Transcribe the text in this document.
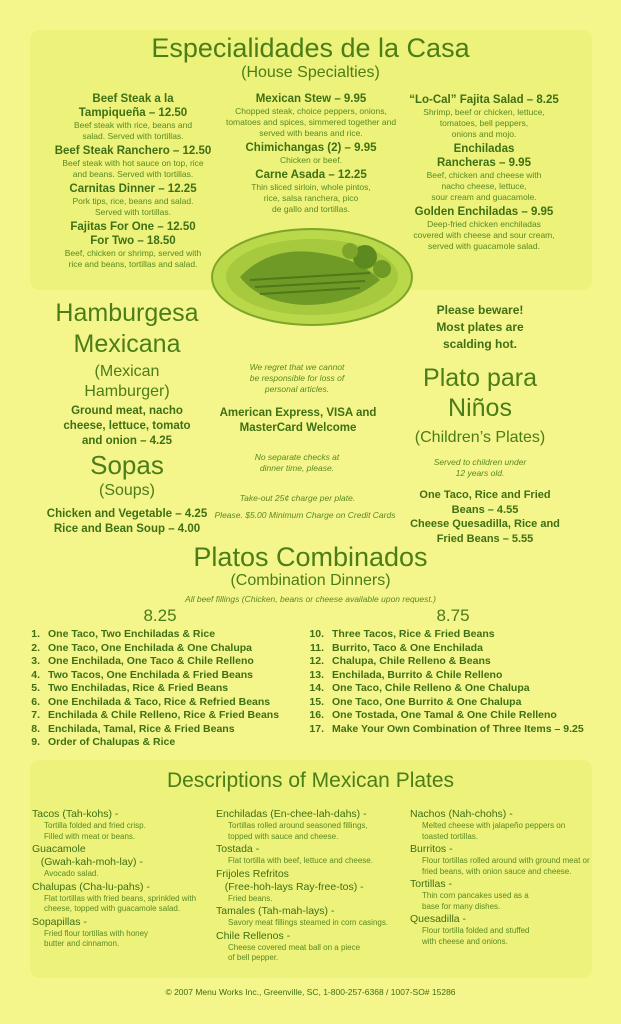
Especialidades de la Casa
(House Specialties)
Beef Steak a la
Tampiqueña – 12.50
Beef steak with rice, beans and
salad. Served with tortillas.
Beef Steak Ranchero – 12.50
Beef steak with hot sauce on top, rice
and beans. Served with tortillas.
Carnitas Dinner – 12.25
Pork tips, rice, beans and salad.
Served with tortillas.
Fajitas For One – 12.50
For Two – 18.50
Beef, chicken or shrimp, served with
rice and beans, tortillas and salad.
Mexican Stew – 9.95
Chopped steak, choice peppers, onions,
tomatoes and spices, simmered together and
served with beans and rice.
Chimichangas (2) – 9.95
Chicken or beef.
Carne Asada – 12.25
Thin sliced sirloin, whole pintos,
rice, salsa ranchera, pico
de gallo and tortillas.
“Lo-Cal” Fajita Salad – 8.25
Shrimp, beef or chicken, lettuce,
tomatoes, bell peppers,
onions and mojo.
Enchiladas
Rancheras – 9.95
Beef, chicken and cheese with
nacho cheese, lettuce,
sour cream and guacamole.
Golden Enchiladas – 9.95
Deep-fried chicken enchiladas
covered with cheese and sour cream,
served with guacamole salad.
Hamburgesa
Mexicana
(Mexican
Hamburger)
Ground meat, nacho
cheese, lettuce, tomato
and onion – 4.25
Sopas
(Soups)
Chicken and Vegetable – 4.25
Rice and Bean Soup – 4.00
We regret that we cannot
be responsible for loss of
personal articles.
American Express, VISA and
MasterCard Welcome
No separate checks at
dinner time, please.
Take-out 25¢ charge per plate.
Please. $5.00 Minimum Charge on Credit Cards
Please beware!
Most plates are
scalding hot.
Plato para
Niños
(Children’s Plates)
Served to children under
12 years old.
One Taco, Rice and Fried
Beans – 4.55
Cheese Quesadilla, Rice and
Fried Beans – 5.55
Platos Combinados
(Combination Dinners)
All beef fillings (Chicken, beans or cheese available upon request.)
8.25	8.75
1. One Taco, Two Enchiladas & Rice
2. One Taco, One Enchilada & One Chalupa
3. One Enchilada, One Taco & Chile Relleno
4. Two Tacos, One Enchilada & Fried Beans
5. Two Enchiladas, Rice & Fried Beans
6. One Enchilada & Taco, Rice & Refried Beans
7. Enchilada & Chile Relleno, Rice & Fried Beans
8. Enchilada, Tamal, Rice & Fried Beans
9. Order of Chalupas & Rice
10. Three Tacos, Rice & Fried Beans
11. Burrito, Taco & One Enchilada
12. Chalupa, Chile Relleno & Beans
13. Enchilada, Burrito & Chile Relleno
14. One Taco, Chile Relleno & One Chalupa
15. One Taco, One Burrito & One Chalupa
16. One Tostada, One Tamal & One Chile Relleno
17. Make Your Own Combination of Three Items – 9.25
Descriptions of Mexican Plates
Tacos (Tah-kohs) -
Tortilla folded and fried crisp.
Filled with meat or beans.
Guacamole
(Gwah-kah-moh-lay) -
Avocado salad.
Chalupas (Cha-lu-pahs) -
Flat tortillas with fried beans, sprinkled with
cheese, topped with guacamole salad.
Sopapillas -
Fried flour tortillas with honey
butter and cinnamon.
Enchiladas (En-chee-lah-dahs) -
Tortillas rolled around seasoned fillings,
topped with sauce and cheese.
Tostada -
Flat tortilla with beef, lettuce and cheese.
Frijoles Refritos
(Free-hoh-lays Ray-free-tos) -
Fried beans.
Tamales (Tah-mah-lays) -
Savory meat fillings steamed in corn casings.
Chile Rellenos -
Cheese covered meat ball on a piece
of bell pepper.
Nachos (Nah-chohs) -
Melted cheese with jalapeño peppers on
toasted tortillas.
Burritos -
Flour tortillas rolled around with ground meat or
fried beans, with onion sauce and cheese.
Tortillas -
Thin corn pancakes used as a
base for many dishes.
Quesadilla -
Flour tortilla folded and stuffed
with cheese and onions.
© 2007 Menu Works Inc., Greenville, SC, 1-800-257-6368 / 1007-SO# 15286
